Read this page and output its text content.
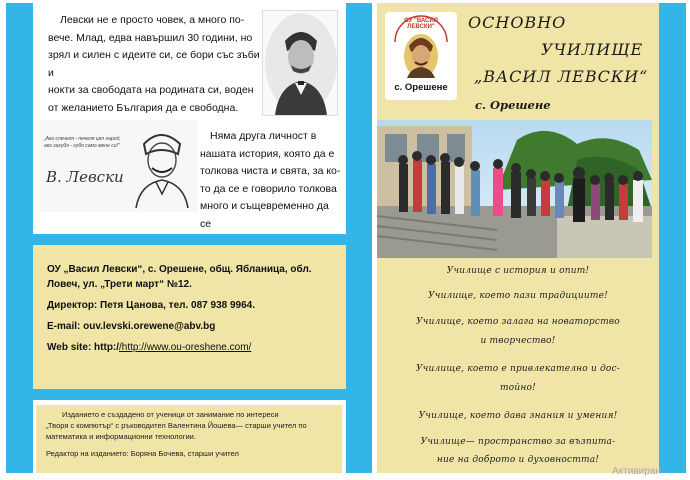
Левски не е просто човек, а много по-
вече. Млад, едва навършил 30 години, но
зрял и силен с идеите си, се бори със зъби и
нокти за свободата на родината си, воден
от желанието България да е свободна.
„Ако спечеля - печеля цял народ,
ако загубя - губя само мене си!"
В. Левски
Няма друга личност в
нашата история, която да е
толкова чиста и свята, за ко-
то да се е говорило толкова
много и същевременно да се
ОУ „Васил Левски“, с. Орешене, общ. Ябланица, обл.
Ловеч, ул. „Трети март“ №12.
Директор: Петя Цанова, тел. 087 938 9964.
E-mail: ouv.levski.orewene@abv.bg
Web site: http://http://www.ou-oreshene.com/
Изданието е създадено от ученици от занимание по интереси
„Творя с компютър“ с ръководител Валентина Йошева— старши учител по
математика и информационни технологии.
Редактор на изданието: Боряна Бочева, старши учител
ОУ "ВАСИЛ ЛЕВСКИ"
с. Орешене
ОСНОВНО
УЧИЛИЩЕ
„ВАСИЛ ЛЕВСКИ“
с. Орешене
Училище с история и опит!
Училище, което пази традициите!
Училище, което залага на новаторство
и творчество!
Училище, което е привлекателно и дос-
тойно!
Училище, което дава знания и умения!
Училище— пространство за възпита-
ние на доброто и духовността!
Активиран
